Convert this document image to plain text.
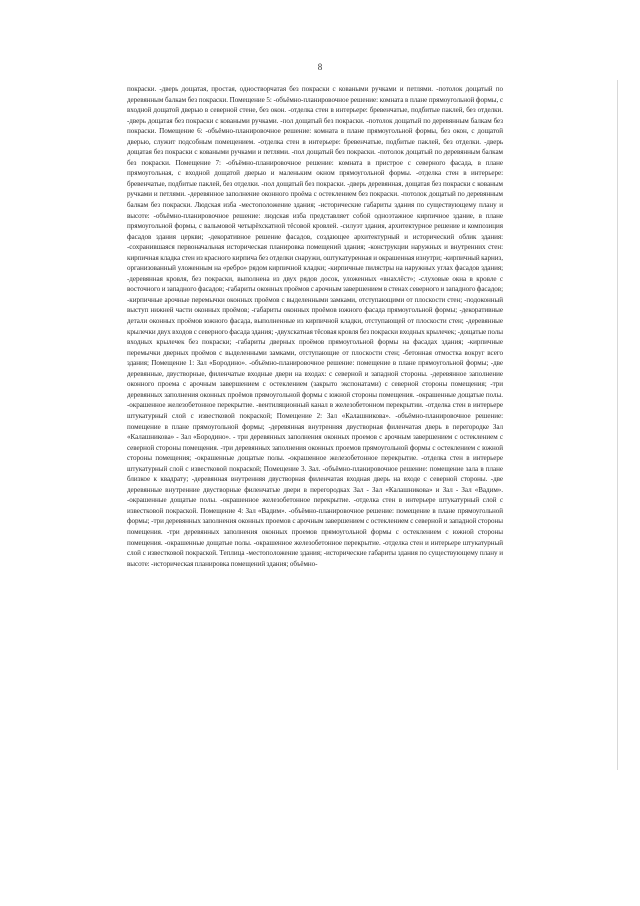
8

покраски. -дверь дощатая, простая, одностворчатая без покраски с коваными ручками и петлями. -потолок дощатый по деревянным балкам без покраски. Помещение 5: -объёмно-планировочное решение: комната в плане прямоугольной формы, с входной дощатой дверью в северной стене, без окон. -отделка стен в интерьере: бревенчатые, подбитые паклей, без отделки. -дверь дощатая без покраски с коваными ручками. -пол дощатый без покраски. -потолок дощатый по деревянным балкам без покраски. Помещение 6: -объёмно-планировочное решение: комната в плане прямоугольной формы, без окон, с дощатой дверью, служит подсобным помещением. -отделка стен в интерьере: бревенчатые, подбитые паклей, без отделки. -дверь дощатая без покраски с коваными ручками и петлями. -пол дощатый без покраски. -потолок дощатый по деревянным балкам без покраски. Помещение 7: -объёмно-планировочное решение: комната в пристрое с северного фасада, в плане прямоугольная, с входной дощатой дверью и маленьким окном прямоугольной формы. -отделка стен в интерьере: бревенчатые, подбитые паклей, без отделки. -пол дощатый без покраски. -дверь деревянная, дощатая без покраски с кованым ручками и петлями. -деревянное заполнение оконного проёма с остеклением без покраски. -потолок дощатый по деревянным балкам без покраски. Людская изба -местоположение здания; -исторические габариты здания по существующему плану и высоте: -объёмно-планировочное решение: людская изба представляет собой одноэтажное кирпичное здание, в плане прямоугольной формы, с вальмовой четырёхскатной тёсовой кровлей. -силуэт здания, архитектурное решение и композиция фасадов здания церкви; -декоративное решение фасадов, создающее архитектурный и исторический облик здания: -сохранившаяся первоначальная историческая планировка помещений здания; -конструкции наружных и внутренних стен: кирпичная кладка стен из красного кирпича без отделки снаружи, оштукатуренная и окрашенная изнутри; -кирпичный карниз, организованный уложенным на «ребро» рядом кирпичной кладки; -кирпичные пилястры на наружных углах фасадов здания; -деревянная кровля, без покраски, выполнена из двух рядов досок, уложенных «внахлёст»; -слуховые окна в кровле с восточного и западного фасадов; -габариты оконных проёмов с арочным завершением в стенах северного и западного фасадов; -кирпичные арочные перемычки оконных проёмов с выделенными замками, отступающими от плоскости стен; -подоконный выступ нижней части оконных проёмов; -габариты оконных проёмов южного фасада прямоугольной формы; -декоративные детали оконных проёмов южного фасада, выполненные из кирпичной кладки, отступающей от плоскости стен; -деревянные крылечки двух входов с северного фасада здания; -двухскатная тёсовая кровля без покраски входных крылечек; -дощатые полы входных крылечек без покраски; -габариты дверных проёмов прямоугольной формы на фасадах здания; -кирпичные перемычки дверных проёмов с выделенными замками, отступающие от плоскости стен; -бетонная отмостка вокруг всего здания; Помещение 1: Зал «Бородино». -объёмно-планировочное решение: помещение в плане прямоугольной формы; -две деревянные, двустворные, филенчатые входные двери на входах: с северной и западной стороны. -деревянное заполнение оконного проема с арочным завершением с остеклением (закрыто экспонатами) с северной стороны помещения; -три деревянных заполнения оконных проёмов прямоугольной формы с южной стороны помещения. -окрашенные дощатые полы. -окрашенное железобетонное перекрытие. -вентиляционный канал в железобетонном перекрытии. -отделка стен в интерьере штукатурный слой с известковой покраской; Помещение 2: Зал «Калашникова». -объёмно-планировочное решение: помещение в плане прямоугольной формы; -деревянная внутренняя двустворная филенчатая дверь в перегородке Зал «Калашникова» - Зал «Бородино». - три деревянных заполнения оконных проемов с арочным завершением с остеклением с северной стороны помещения. -три деревянных заполнения оконных проемов прямоугольной формы с остеклением с южной стороны помещения; -окрашенные дощатые полы. -окрашенное железобетонное перекрытие. -отделка стен в интерьере штукатурный слой с известковой покраской; Помещение 3. Зал. -объёмно-планировочное решение: помещение зала в плане близкое к квадрату; -деревянная внутренняя двустворная филенчатая входная дверь на входе с северной стороны. -две деревянные внутренние двустворные филенчатые двери в перегородках Зал - Зал «Калашникова» и Зал - Зал «Вадим». -окрашенные дощатые полы. -окрашенное железобетонное перекрытие. -отделка стен в интерьере штукатурный слой с известковой покраской. Помещение 4: Зал «Вадим». -объёмно-планировочное решение: помещение в плане прямоугольной формы; -три деревянных заполнения оконных проемов с арочным завершением с остеклением с северной и западной стороны помещения. -три деревянных заполнения оконных проемов прямоугольной формы с остеклением с южной стороны помещения. -окрашенные дощатые полы. -окрашенное железобетонное перекрытие. -отделка стен и интерьере штукатурный слой с известковой покраской. Теплица -местоположение здания; -исторические габариты здания по существующему плану и высоте: -историческая планировка помещений здания; объёмно-
